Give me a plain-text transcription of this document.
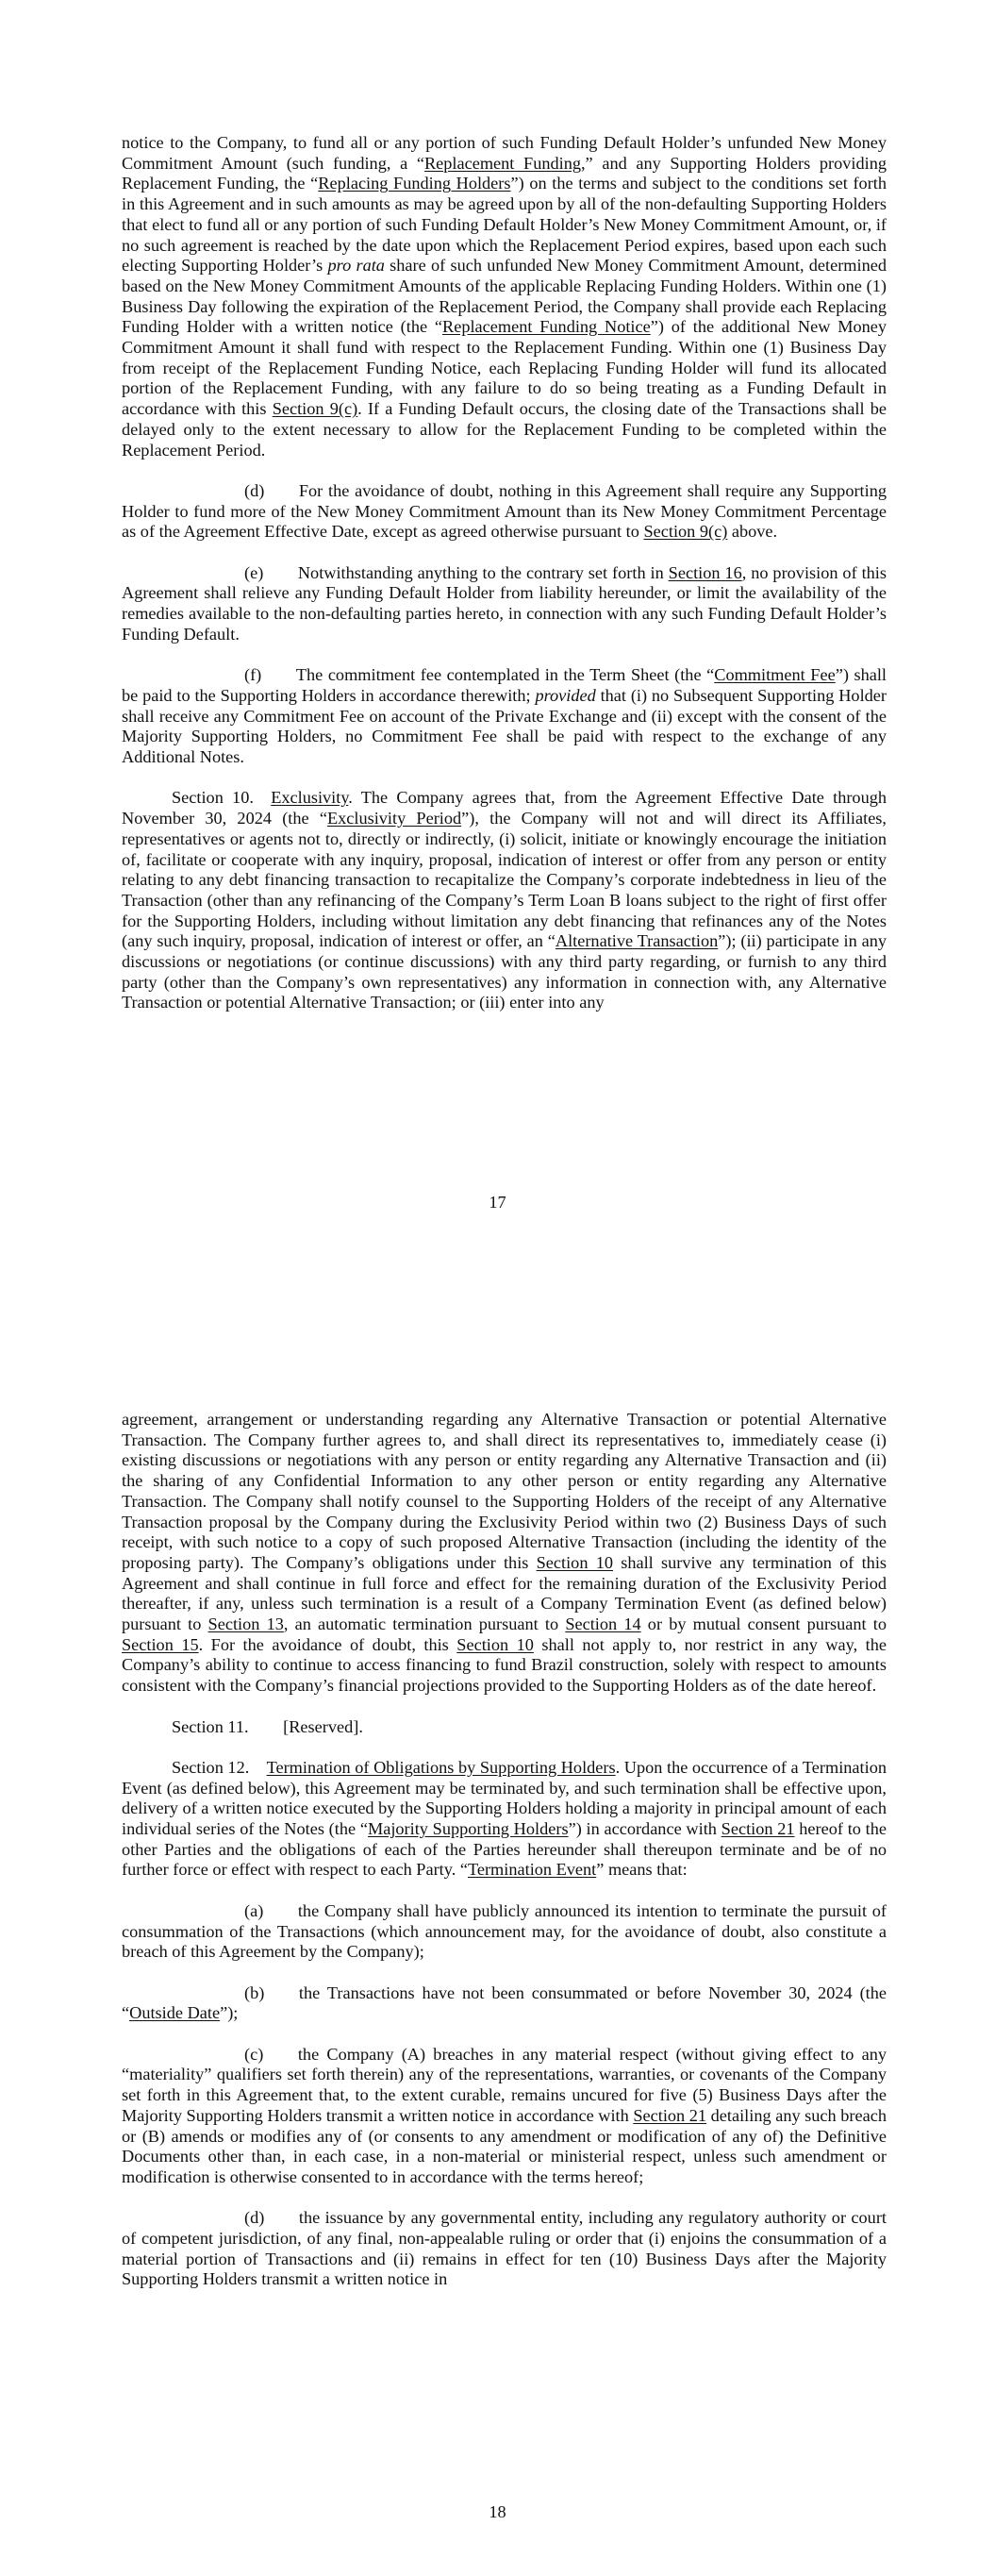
notice to the Company, to fund all or any portion of such Funding Default Holder’s unfunded New Money Commitment Amount (such funding, a “Replacement Funding,” and any Supporting Holders providing Replacement Funding, the “Replacing Funding Holders”) on the terms and subject to the conditions set forth in this Agreement and in such amounts as may be agreed upon by all of the non-defaulting Supporting Holders that elect to fund all or any portion of such Funding Default Holder’s New Money Commitment Amount, or, if no such agreement is reached by the date upon which the Replacement Period expires, based upon each such electing Supporting Holder’s pro rata share of such unfunded New Money Commitment Amount, determined based on the New Money Commitment Amounts of the applicable Replacing Funding Holders. Within one (1) Business Day following the expiration of the Replacement Period, the Company shall provide each Replacing Funding Holder with a written notice (the “Replacement Funding Notice”) of the additional New Money Commitment Amount it shall fund with respect to the Replacement Funding. Within one (1) Business Day from receipt of the Replacement Funding Notice, each Replacing Funding Holder will fund its allocated portion of the Replacement Funding, with any failure to do so being treating as a Funding Default in accordance with this Section 9(c). If a Funding Default occurs, the closing date of the Transactions shall be delayed only to the extent necessary to allow for the Replacement Funding to be completed within the Replacement Period.

(d)  For the avoidance of doubt, nothing in this Agreement shall require any Supporting Holder to fund more of the New Money Commitment Amount than its New Money Commitment Percentage as of the Agreement Effective Date, except as agreed otherwise pursuant to Section 9(c) above.

(e)  Notwithstanding anything to the contrary set forth in Section 16, no provision of this Agreement shall relieve any Funding Default Holder from liability hereunder, or limit the availability of the remedies available to the non-defaulting parties hereto, in connection with any such Funding Default Holder’s Funding Default.

(f)  The commitment fee contemplated in the Term Sheet (the “Commitment Fee”) shall be paid to the Supporting Holders in accordance therewith; provided that (i) no Subsequent Supporting Holder shall receive any Commitment Fee on account of the Private Exchange and (ii) except with the consent of the Majority Supporting Holders, no Commitment Fee shall be paid with respect to the exchange of any Additional Notes.

Section 10. Exclusivity. The Company agrees that, from the Agreement Effective Date through November 30, 2024 (the “Exclusivity Period”), the Company will not and will direct its Affiliates, representatives or agents not to, directly or indirectly, (i) solicit, initiate or knowingly encourage the initiation of, facilitate or cooperate with any inquiry, proposal, indication of interest or offer from any person or entity relating to any debt financing transaction to recapitalize the Company’s corporate indebtedness in lieu of the Transaction (other than any refinancing of the Company’s Term Loan B loans subject to the right of first offer for the Supporting Holders, including without limitation any debt financing that refinances any of the Notes (any such inquiry, proposal, indication of interest or offer, an “Alternative Transaction”); (ii) participate in any discussions or negotiations (or continue discussions) with any third party regarding, or furnish to any third party (other than the Company’s own representatives) any information in connection with, any Alternative Transaction or potential Alternative Transaction; or (iii) enter into any

17

agreement, arrangement or understanding regarding any Alternative Transaction or potential Alternative Transaction. The Company further agrees to, and shall direct its representatives to, immediately cease (i) existing discussions or negotiations with any person or entity regarding any Alternative Transaction and (ii) the sharing of any Confidential Information to any other person or entity regarding any Alternative Transaction. The Company shall notify counsel to the Supporting Holders of the receipt of any Alternative Transaction proposal by the Company during the Exclusivity Period within two (2) Business Days of such receipt, with such notice to a copy of such proposed Alternative Transaction (including the identity of the proposing party). The Company’s obligations under this Section 10 shall survive any termination of this Agreement and shall continue in full force and effect for the remaining duration of the Exclusivity Period thereafter, if any, unless such termination is a result of a Company Termination Event (as defined below) pursuant to Section 13, an automatic termination pursuant to Section 14 or by mutual consent pursuant to Section 15. For the avoidance of doubt, this Section 10 shall not apply to, nor restrict in any way, the Company’s ability to continue to access financing to fund Brazil construction, solely with respect to amounts consistent with the Company’s financial projections provided to the Supporting Holders as of the date hereof.

Section 11.  [Reserved].

Section 12. Termination of Obligations by Supporting Holders. Upon the occurrence of a Termination Event (as defined below), this Agreement may be terminated by, and such termination shall be effective upon, delivery of a written notice executed by the Supporting Holders holding a majority in principal amount of each individual series of the Notes (the “Majority Supporting Holders”) in accordance with Section 21 hereof to the other Parties and the obligations of each of the Parties hereunder shall thereupon terminate and be of no further force or effect with respect to each Party. “Termination Event” means that:

(a)  the Company shall have publicly announced its intention to terminate the pursuit of consummation of the Transactions (which announcement may, for the avoidance of doubt, also constitute a breach of this Agreement by the Company);

(b)  the Transactions have not been consummated or before November 30, 2024 (the “Outside Date”);

(c)  the Company (A) breaches in any material respect (without giving effect to any “materiality” qualifiers set forth therein) any of the representations, warranties, or covenants of the Company set forth in this Agreement that, to the extent curable, remains uncured for five (5) Business Days after the Majority Supporting Holders transmit a written notice in accordance with Section 21 detailing any such breach or (B) amends or modifies any of (or consents to any amendment or modification of any of) the Definitive Documents other than, in each case, in a non-material or ministerial respect, unless such amendment or modification is otherwise consented to in accordance with the terms hereof;

(d)  the issuance by any governmental entity, including any regulatory authority or court of competent jurisdiction, of any final, non-appealable ruling or order that (i) enjoins the consummation of a material portion of Transactions and (ii) remains in effect for ten (10) Business Days after the Majority Supporting Holders transmit a written notice in

18
